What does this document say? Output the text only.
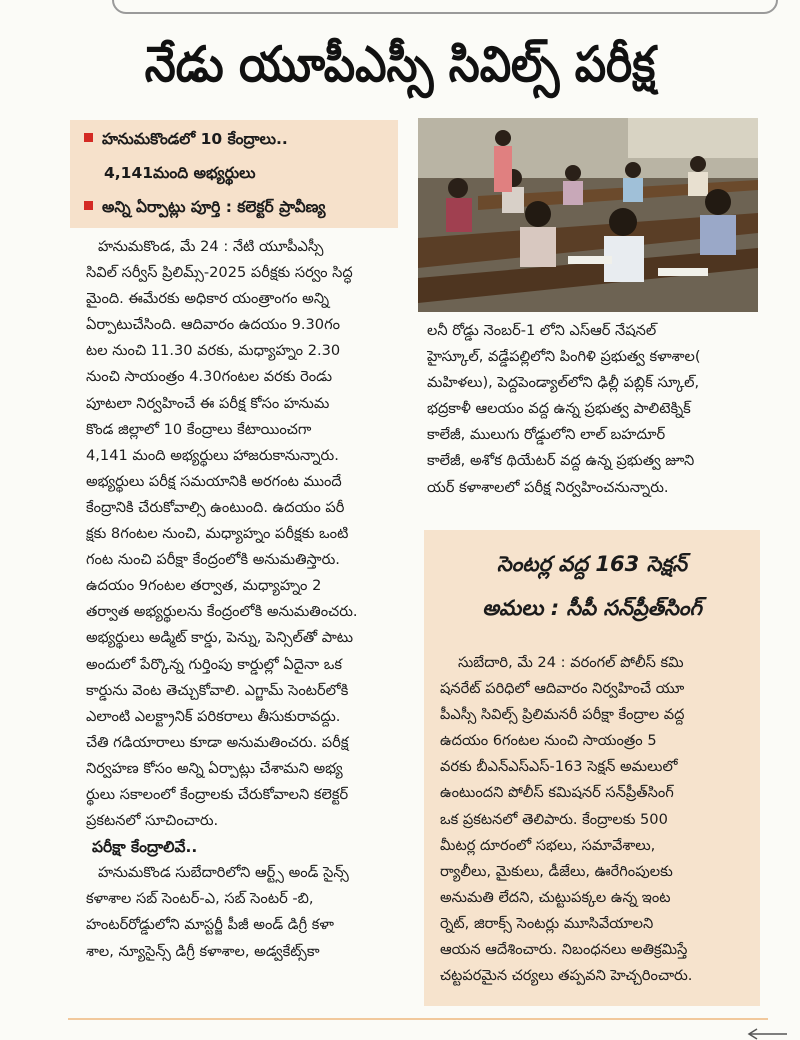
నేడు యూపీఎస్సీ సివిల్స్ పరీక్ష
హనుమకొండలో 10 కేంద్రాలు..
4,141మంది అభ్యర్థులు
అన్ని ఏర్పాట్లు పూర్తి : కలెక్టర్ ప్రావీణ్య
హనుమకొండ, మే 24 : నేటి యూపీఎస్సీ
సివిల్ సర్వీస్ ప్రిలిమ్స్-2025 పరీక్షకు సర్వం సిద్ధ
మైంది. ఈమేరకు అధికార యంత్రాంగం అన్ని
ఏర్పాటుచేసింది. ఆదివారం ఉదయం 9.30గం
టల నుంచి 11.30 వరకు, మధ్యాహ్నం 2.30
నుంచి సాయంత్రం 4.30గంటల వరకు రెండు
పూటలా నిర్వహించే ఈ పరీక్ష కోసం హనుమ
కొండ జిల్లాలో 10 కేంద్రాలు కేటాయించగా
4,141 మంది అభ్యర్థులు హాజరుకానున్నారు.
అభ్యర్థులు పరీక్ష సమయానికి అరగంట ముందే
కేంద్రానికి చేరుకోవాల్సి ఉంటుంది. ఉదయం పరీ
క్షకు 8గంటల నుంచి, మధ్యాహ్నం పరీక్షకు ఒంటి
గంట నుంచి పరీక్షా కేంద్రంలోకి అనుమతిస్తారు.
ఉదయం 9గంటల తర్వాత, మధ్యాహ్నం 2
తర్వాత అభ్యర్థులను కేంద్రంలోకి అనుమతించరు.
అభ్యర్థులు అడ్మిట్ కార్డు, పెన్ను, పెన్సిల్‌తో పాటు
అందులో పేర్కొన్న గుర్తింపు కార్డుల్లో ఏదైనా ఒక
కార్డును వెంట తెచ్చుకోవాలి. ఎగ్జామ్ సెంటర్‌లోకి
ఎలాంటి ఎలక్ట్రానిక్ పరికరాలు తీసుకురావద్దు.
చేతి గడియారాలు కూడా అనుమతించరు. పరీక్ష
నిర్వహణ కోసం అన్ని ఏర్పాట్లు చేశామని అభ్య
ర్థులు సకాలంలో కేంద్రాలకు చేరుకోవాలని కలెక్టర్
ప్రకటనలో సూచించారు.
పరీక్షా కేంద్రాలివే..
హనుమకొండ సుబేదారిలోని ఆర్ట్స్ అండ్ సైన్స్
కళాశాల సబ్ సెంటర్-ఎ, సబ్ సెంటర్ -బి,
హంటర్‌రోడ్డులోని మాస్టర్జీ పీజీ అండ్ డిగ్రీ కళా
శాల, న్యూసైన్స్ డిగ్రీ కళాశాల, అడ్వకేట్స్‌కా
లనీ రోడ్డు నెంబర్-1 లోని ఎస్ఆర్ నేషనల్
హైస్కూల్, వడ్డేపల్లిలోని పింగిళి ప్రభుత్వ కళాశాల(
మహిళలు), పెద్దపెండ్యాల్‌లోని ఢిల్లీ పబ్లిక్ స్కూల్,
భద్రకాళీ ఆలయం వద్ద ఉన్న ప్రభుత్వ పాలిటెక్నిక్
కాలేజీ, ములుగు రోడ్డులోని లాల్ బహదూర్
కాలేజీ, అశోక థియేటర్ వద్ద ఉన్న ప్రభుత్వ జూని
యర్ కళాశాలలో పరీక్ష నిర్వహించనున్నారు.
సెంటర్ల వద్ద 163 సెక్షన్
అమలు : సీపీ సన్‌ప్రీత్‌సింగ్
సుబేదారి, మే 24 : వరంగల్ పోలీస్ కమి
షనరేట్ పరిధిలో ఆదివారం నిర్వహించే యూ
పీఎస్సీ సివిల్స్ ప్రిలిమనరీ పరీక్షా కేంద్రాల వద్ద
ఉదయం 6గంటల నుంచి సాయంత్రం 5
వరకు బీఎన్ఎస్ఎస్-163 సెక్షన్ అమలులో
ఉంటుందని పోలీస్ కమిషనర్ సన్‌ప్రీత్‌సింగ్
ఒక ప్రకటనలో తెలిపారు. కేంద్రాలకు 500
మీటర్ల దూరంలో సభలు, సమావేశాలు,
ర్యాలీలు, మైకులు, డీజేలు, ఊరేగింపులకు
అనుమతి లేదని, చుట్టుపక్కల ఉన్న ఇంట
ర్నెట్, జిరాక్స్ సెంటర్లు మూసివేయాలని
ఆయన ఆదేశించారు. నిబంధనలు అతిక్రమిస్తే
చట్టపరమైన చర్యలు తప్పవని హెచ్చరించారు.
